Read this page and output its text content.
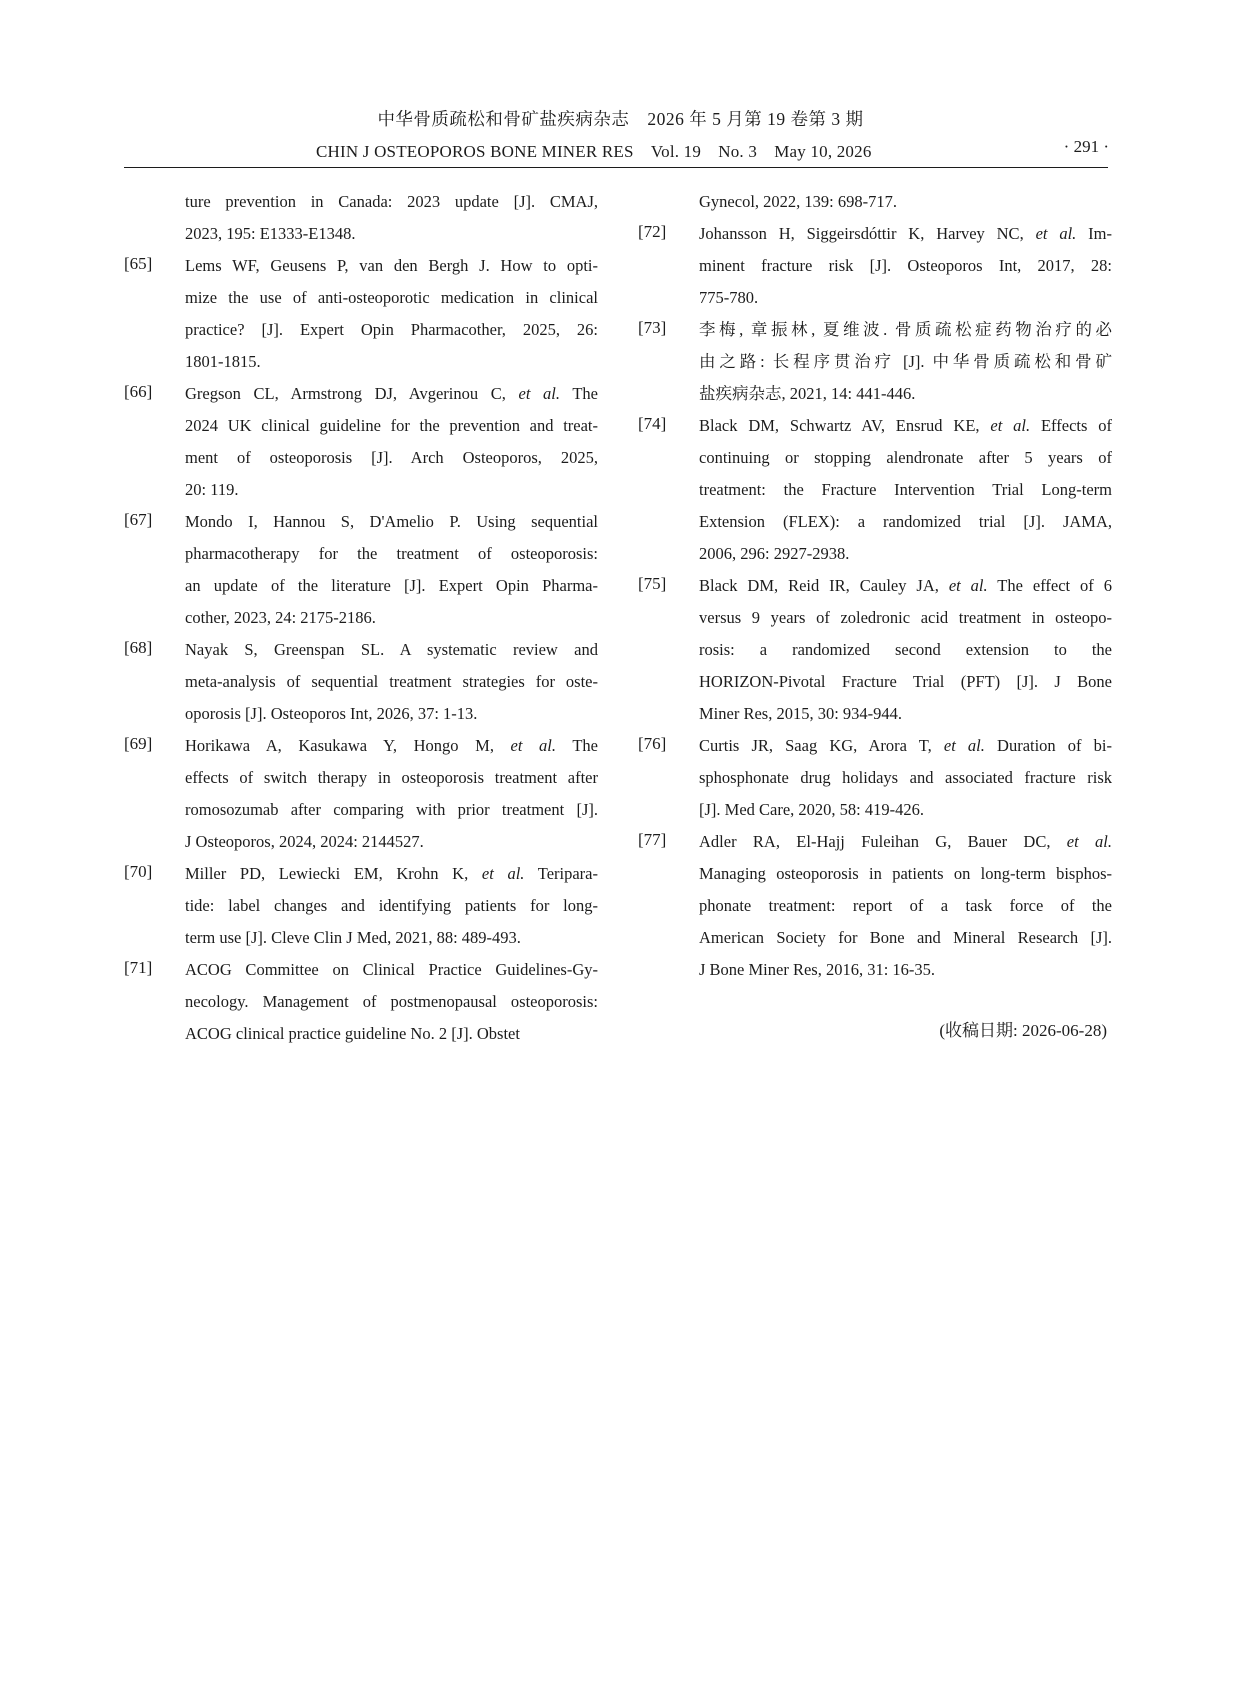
中华骨质疏松和骨矿盐疾病杂志　2026 年 5 月第 19 卷第 3 期
CHIN J OSTEOPOROS BONE MINER RES　Vol. 19　No. 3　May 10, 2026	· 291 ·
ture prevention in Canada: 2023 update [J]. CMAJ,
2023, 195: E1333-E1348.
[65] Lems WF, Geusens P, van den Bergh J. How to opti-
mize the use of anti-osteoporotic medication in clinical
practice? [J]. Expert Opin Pharmacother, 2025, 26:
1801-1815.
[66] Gregson CL, Armstrong DJ, Avgerinou C, et al. The
2024 UK clinical guideline for the prevention and treat-
ment of osteoporosis [J]. Arch Osteoporos, 2025,
20: 119.
[67] Mondo I, Hannou S, D'Amelio P. Using sequential
pharmacotherapy for the treatment of osteoporosis:
an update of the literature [J]. Expert Opin Pharma-
cother, 2023, 24: 2175-2186.
[68] Nayak S, Greenspan SL. A systematic review and
meta-analysis of sequential treatment strategies for oste-
oporosis [J]. Osteoporos Int, 2026, 37: 1-13.
[69] Horikawa A, Kasukawa Y, Hongo M, et al. The
effects of switch therapy in osteoporosis treatment after
romosozumab after comparing with prior treatment [J].
J Osteoporos, 2024, 2024: 2144527.
[70] Miller PD, Lewiecki EM, Krohn K, et al. Teripara-
tide: label changes and identifying patients for long-
term use [J]. Cleve Clin J Med, 2021, 88: 489-493.
[71] ACOG Committee on Clinical Practice Guidelines-Gy-
necology. Management of postmenopausal osteoporosis:
ACOG clinical practice guideline No. 2 [J]. Obstet
Gynecol, 2022, 139: 698-717.
[72] Johansson H, Siggeirsdóttir K, Harvey NC, et al. Im-
minent fracture risk [J]. Osteoporos Int, 2017, 28:
775-780.
[73] 李梅, 章振林, 夏维波. 骨质疏松症药物治疗的必
由之路: 长程序贯治疗 [J]. 中华骨质疏松和骨矿
盐疾病杂志, 2021, 14: 441-446.
[74] Black DM, Schwartz AV, Ensrud KE, et al. Effects of
continuing or stopping alendronate after 5 years of
treatment: the Fracture Intervention Trial Long-term
Extension (FLEX): a randomized trial [J]. JAMA,
2006, 296: 2927-2938.
[75] Black DM, Reid IR, Cauley JA, et al. The effect of 6
versus 9 years of zoledronic acid treatment in osteopo-
rosis: a randomized second extension to the
HORIZON-Pivotal Fracture Trial (PFT) [J]. J Bone
Miner Res, 2015, 30: 934-944.
[76] Curtis JR, Saag KG, Arora T, et al. Duration of bi-
sphosphonate drug holidays and associated fracture risk
[J]. Med Care, 2020, 58: 419-426.
[77] Adler RA, El-Hajj Fuleihan G, Bauer DC, et al.
Managing osteoporosis in patients on long-term bisphos-
phonate treatment: report of a task force of the
American Society for Bone and Mineral Research [J].
J Bone Miner Res, 2016, 31: 16-35.
(收稿日期: 2026-06-28)
